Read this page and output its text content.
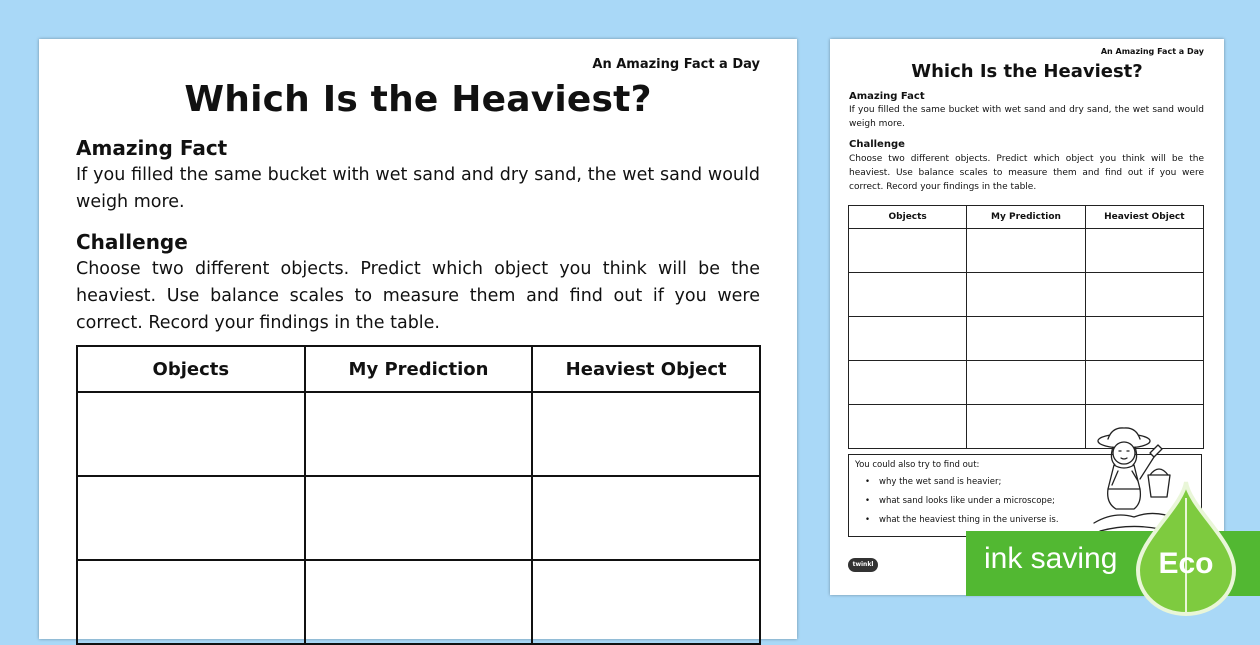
An Amazing Fact a Day
Which Is the Heaviest?
Amazing Fact
If you filled the same bucket with wet sand and dry sand, the wet sand would weigh more.
Challenge
Choose two different objects. Predict which object you think will be the heaviest. Use balance scales to measure them and find out if you were correct. Record your findings in the table.
Objects	My Prediction	Heaviest Object

An Amazing Fact a Day
Which Is the Heaviest?
Amazing Fact
If you filled the same bucket with wet sand and dry sand, the wet sand would weigh more.
Challenge
Choose two different objects. Predict which object you think will be the heaviest. Use balance scales to measure them and find out if you were correct. Record your findings in the table.
Objects	My Prediction	Heaviest Object

You could also try to find out:
• why the wet sand is heavier;
• what sand looks like under a microscope;
• what the heaviest thing in the universe is.
twinkl	ink saving Eco
